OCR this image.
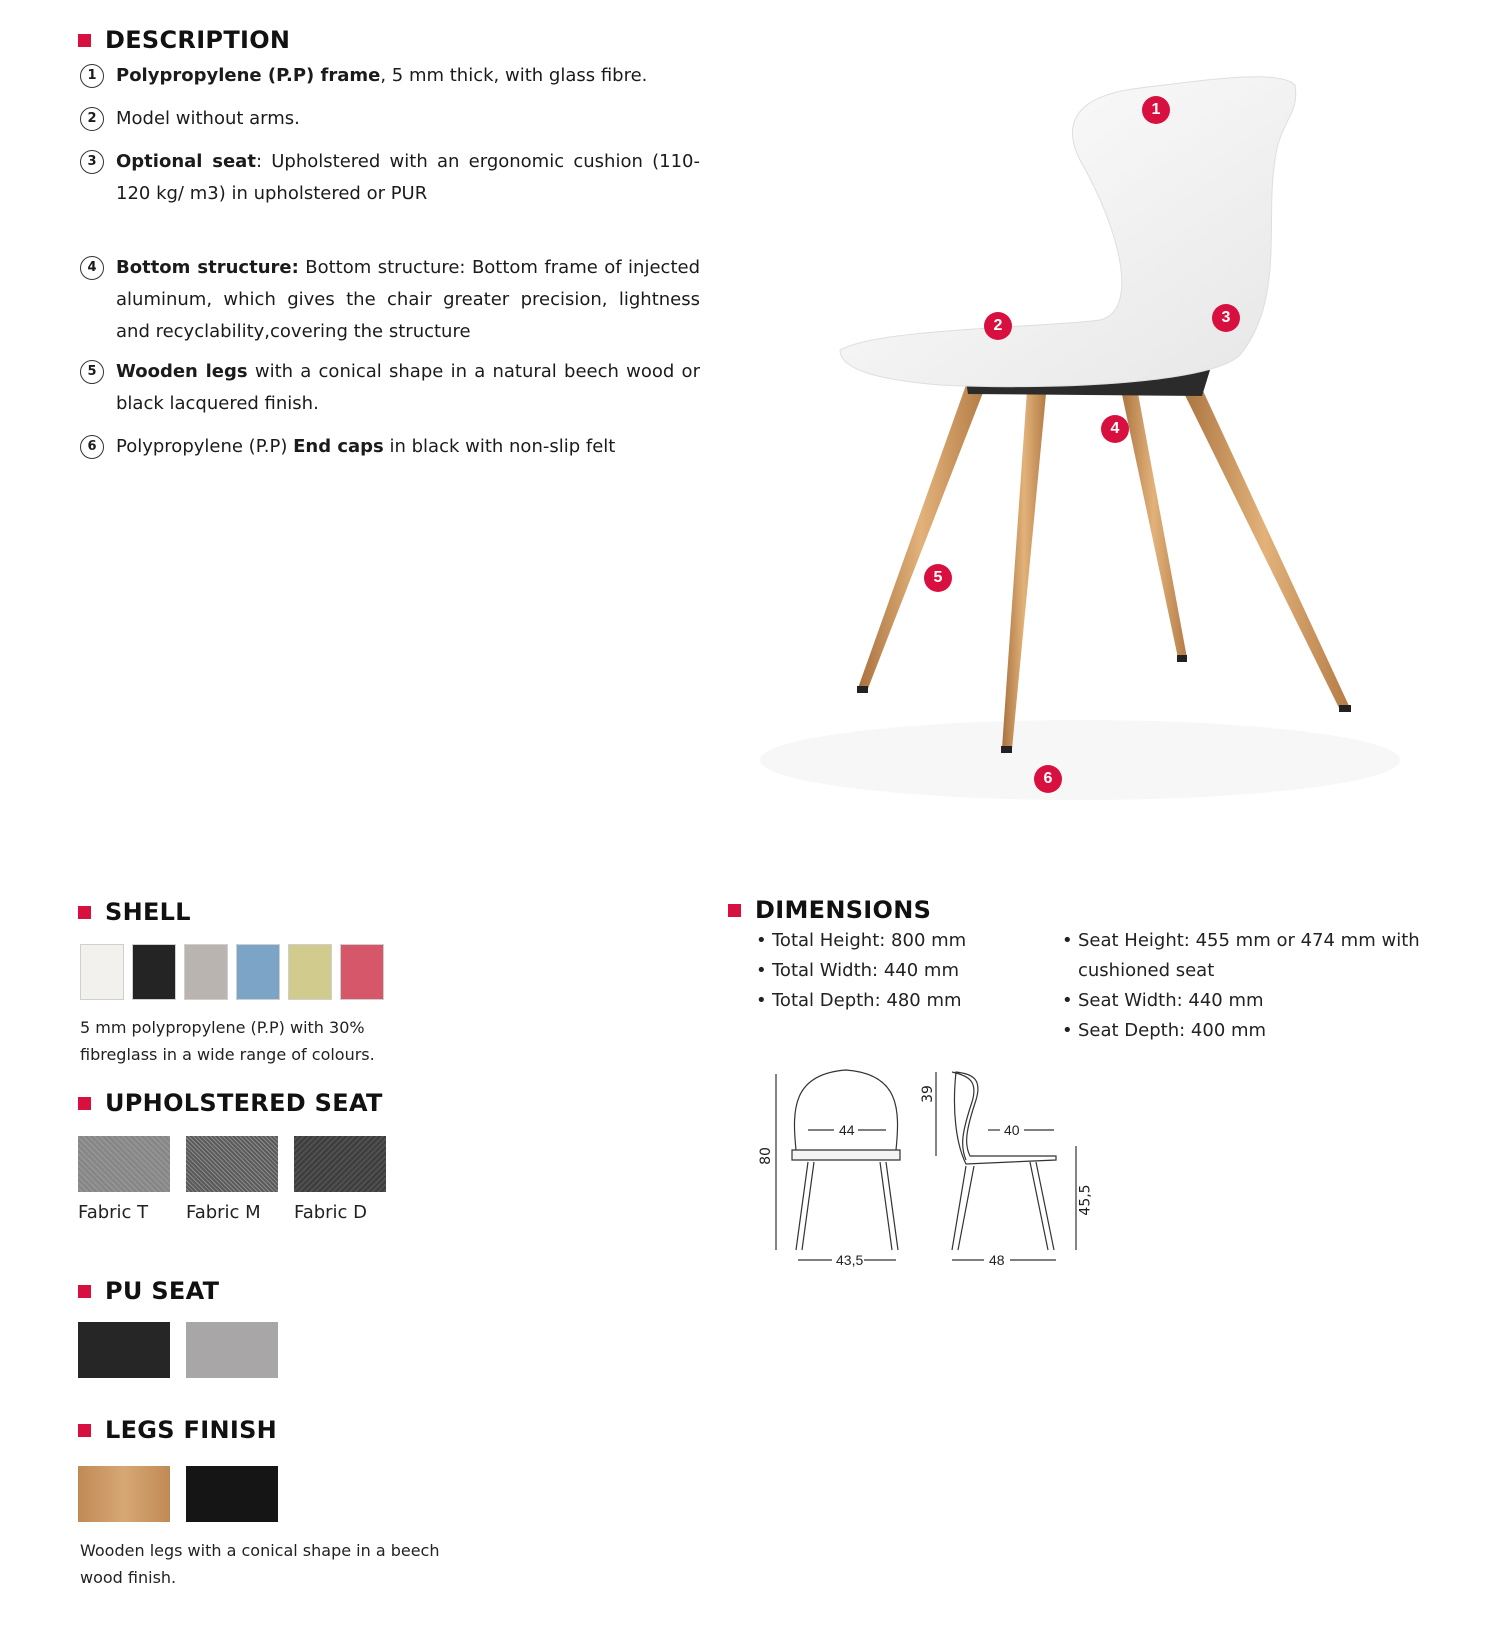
DESCRIPTION
1	Polypropylene (P.P) frame, 5 mm thick, with glass fibre.
2	Model without arms.
3	Optional seat: Upholstered with an ergonomic cushion (110-120 kg/ m3) in upholstered or PUR
4	Bottom structure: Bottom structure: Bottom frame of injected aluminum, which gives the chair greater precision, lightness and recyclability,covering the structure
5	Wooden legs with a conical shape in a natural beech wood or black lacquered finish.
6	Polypropylene (P.P) End caps in black with non-slip felt
1
2	3
4
5
6
SHELL
5 mm polypropylene (P.P) with 30%
fibreglass in a wide range of colours.
UPHOLSTERED SEAT
Fabric T Fabric M Fabric D
PU SEAT
LEGS FINISH
Wooden legs with a conical shape in a beech
wood finish.
DIMENSIONS
• Total Height: 800 mm
• Total Width: 440 mm
• Total Depth: 480 mm
• Seat Height: 455 mm or 474 mm with
cushioned seat
• Seat Width: 440 mm
• Seat Depth: 400 mm
44
43,5
40
48
80
39
45,5
